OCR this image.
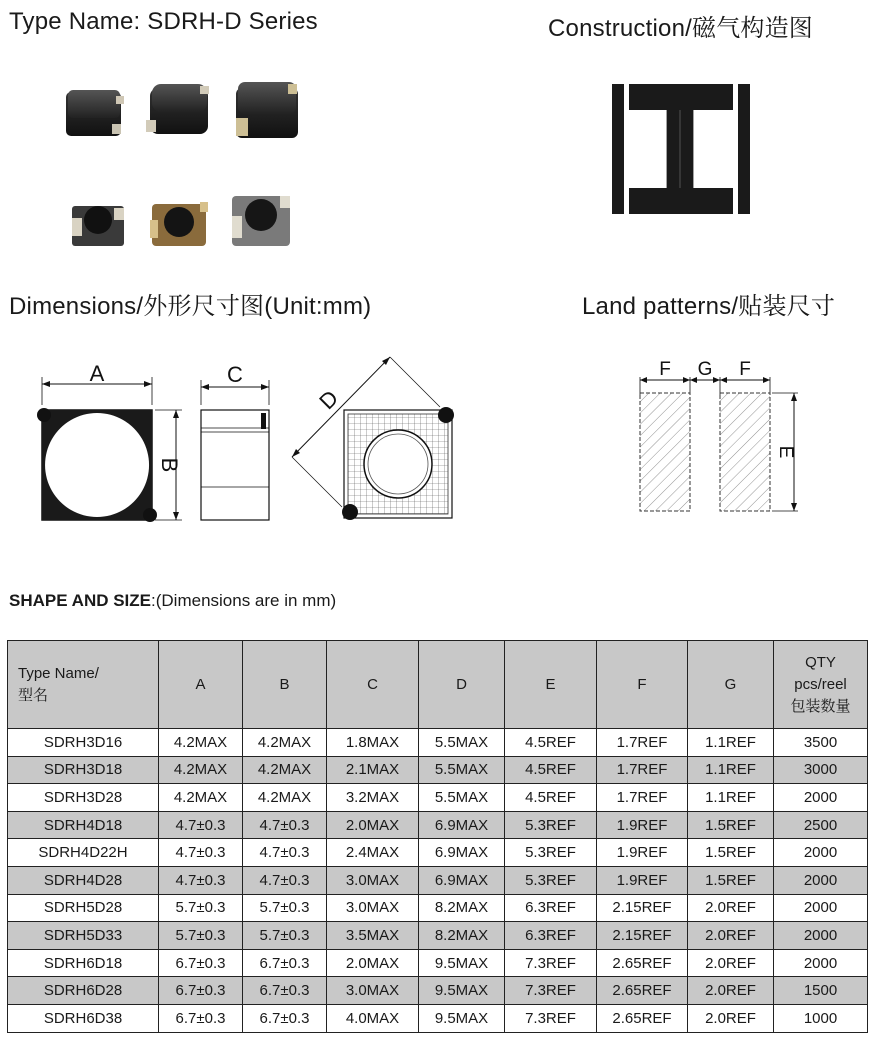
Type Name: SDRH-D Series	Construction/磁气构造图
Dimensions/外形尺寸图(Unit:mm)	Land patterns/贴装尺寸
A
B
C
D
F G F
E
SHAPE AND SIZE:(Dimensions are in mm)
Type Name/
型名	A	B	C	D	E	F	G	QTY
pcs/reel
包装数量

SDRH3D16	4.2MAX	4.2MAX	1.8MAX	5.5MAX	4.5REF	1.7REF	1.1REF	3500
SDRH3D18	4.2MAX	4.2MAX	2.1MAX	5.5MAX	4.5REF	1.7REF	1.1REF	3000
SDRH3D28	4.2MAX	4.2MAX	3.2MAX	5.5MAX	4.5REF	1.7REF	1.1REF	2000
SDRH4D18	4.7±0.3	4.7±0.3	2.0MAX	6.9MAX	5.3REF	1.9REF	1.5REF	2500
SDRH4D22H	4.7±0.3	4.7±0.3	2.4MAX	6.9MAX	5.3REF	1.9REF	1.5REF	2000
SDRH4D28	4.7±0.3	4.7±0.3	3.0MAX	6.9MAX	5.3REF	1.9REF	1.5REF	2000
SDRH5D28	5.7±0.3	5.7±0.3	3.0MAX	8.2MAX	6.3REF	2.15REF	2.0REF	2000
SDRH5D33	5.7±0.3	5.7±0.3	3.5MAX	8.2MAX	6.3REF	2.15REF	2.0REF	2000
SDRH6D18	6.7±0.3	6.7±0.3	2.0MAX	9.5MAX	7.3REF	2.65REF	2.0REF	2000
SDRH6D28	6.7±0.3	6.7±0.3	3.0MAX	9.5MAX	7.3REF	2.65REF	2.0REF	1500
SDRH6D38	6.7±0.3	6.7±0.3	4.0MAX	9.5MAX	7.3REF	2.65REF	2.0REF	1000
